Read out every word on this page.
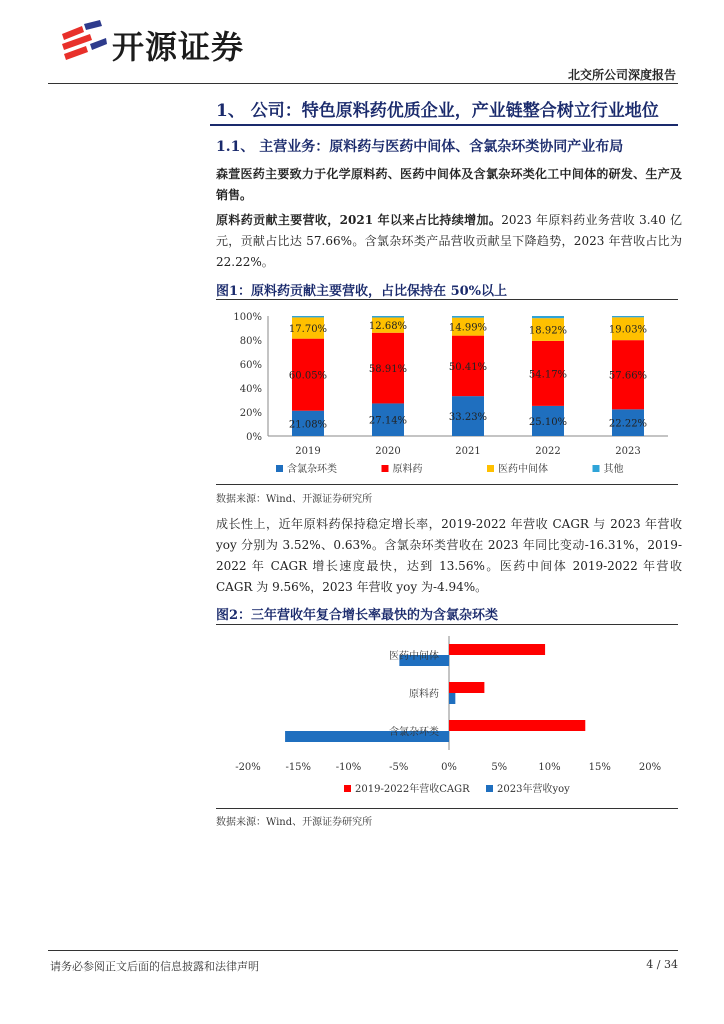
开源证券
北交所公司深度报告
1、 公司：特色原料药优质企业，产业链整合树立行业地位
1.1、 主营业务：原料药与医药中间体、含氯杂环类协同产业布局
森萱医药主要致力于化学原料药、医药中间体及含氯杂环类化工中间体的研发、生产及销售。
原料药贡献主要营收，2021 年以来占比持续增加。2023 年原料药业务营收 3.40 亿元，贡献占比达 57.66%。含氯杂环类产品营收贡献呈下降趋势，2023 年营收占比为 22.22%。
图1：原料药贡献主要营收，占比保持在 50%以上
0%
20%
40%
60%
80%
100%
21.08%
60.05%
17.70%
2019
27.14%
58.91%
12.68%
2020
33.23%
50.41%
14.99%
2021
25.10%
54.17%
18.92%
2022
22.22%
57.66%
19.03%
2023
含氯杂环类	原料药	医药中间体	其他
数据来源：Wind、开源证券研究所
成长性上，近年原料药保持稳定增长率，2019-2022 年营收 CAGR 与 2023 年营收 yoy 分别为 3.52%、0.63%。含氯杂环类营收在 2023 年同比变动-16.31%，2019-2022 年 CAGR 增长速度最快，达到 13.56%。医药中间体 2019-2022 年营收 CAGR 为 9.56%，2023 年营收 yoy 为-4.94%。
图2：三年营收年复合增长率最快的为含氯杂环类
-20% -15% -10%	-5%	0%	5%	10%	15%	20%
医药中间体
原料药
含氯杂环类
2019-2022年营收CAGR	2023年营收yoy
数据来源：Wind、开源证券研究所
请务必参阅正文后面的信息披露和法律声明	4 / 34
